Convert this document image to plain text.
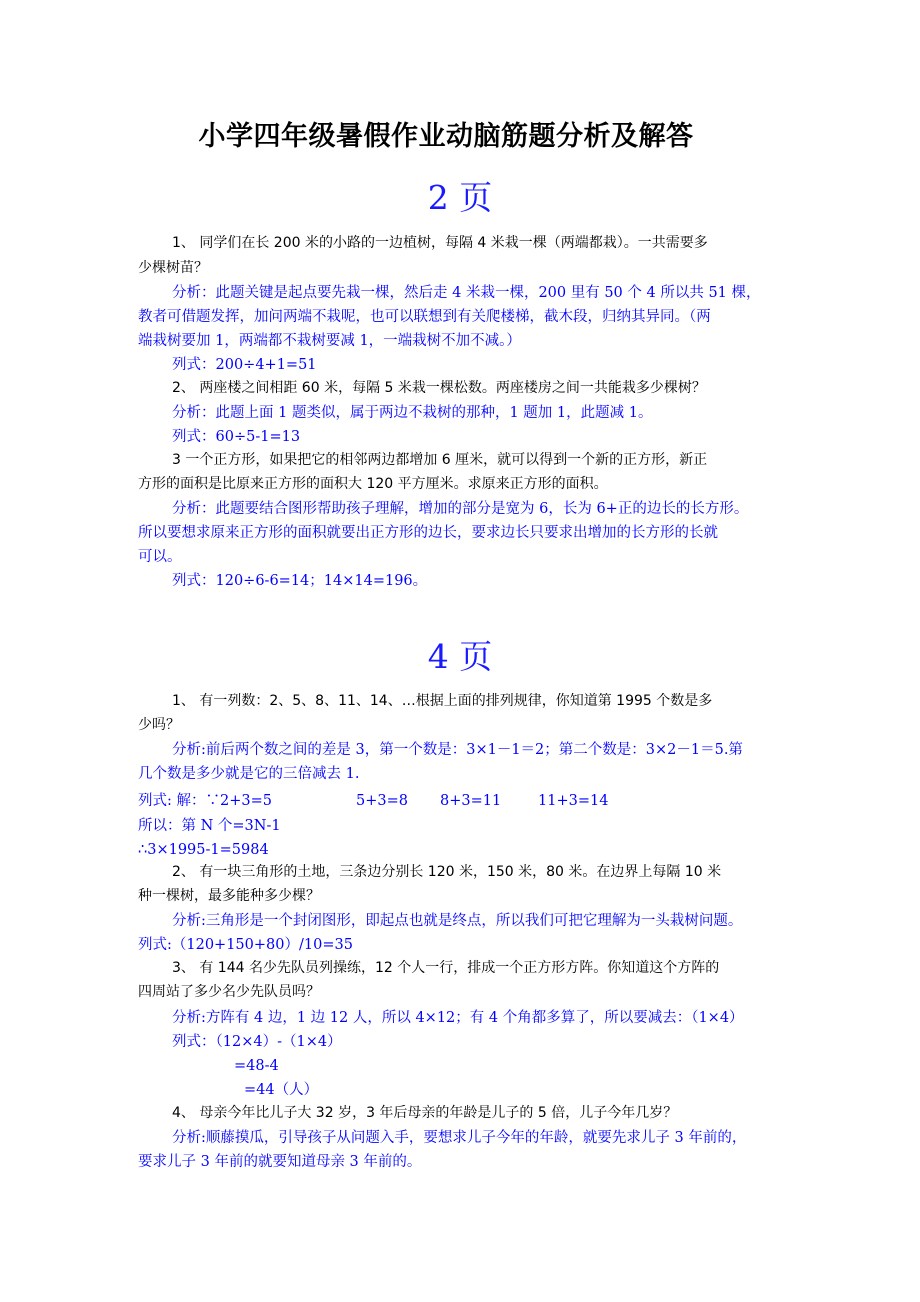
小学四年级暑假作业动脑筋题分析及解答
2 页
1、 同学们在长 200 米的小路的一边植树，每隔 4 米栽一棵（两端都栽）。一共需要多
少棵树苗？
分析：此题关键是起点要先栽一棵，然后走 4 米栽一棵，200 里有 50 个 4 所以共 51 棵，
教者可借题发挥，加问两端不栽呢，也可以联想到有关爬楼梯，截木段，归纳其异同。（两
端栽树要加 1，两端都不栽树要减 1，一端栽树不加不减。）
列式：200÷4+1=51
2、 两座楼之间相距 60 米，每隔 5 米栽一棵松数。两座楼房之间一共能栽多少棵树？
分析：此题上面 1 题类似，属于两边不栽树的那种，1 题加 1，此题减 1。
列式：60÷5-1=13
3 一个正方形，如果把它的相邻两边都增加 6 厘米，就可以得到一个新的正方形，新正
方形的面积是比原来正方形的面积大 120 平方厘米。求原来正方形的面积。
分析：此题要结合图形帮助孩子理解，增加的部分是宽为 6，长为 6+正的边长的长方形。
所以要想求原来正方形的面积就要出正方形的边长，要求边长只要求出增加的长方形的长就
可以。
列式：120÷6-6=14；14×14=196。
4 页
1、 有一列数：2、5、8、11、14、…根据上面的排列规律，你知道第 1995 个数是多
少吗？
分析:前后两个数之间的差是 3，第一个数是：3×1－1＝2；第二个数是：3×2－1＝5.第
几个数是多少就是它的三倍减去 1.
列式: 解：∵2+3=5	5+3=8 8+3=11	11+3=14
所以：第 N 个=3N-1
∴3×1995-1=5984
2、 有一块三角形的土地，三条边分别长 120 米，150 米，80 米。在边界上每隔 10 米
种一棵树，最多能种多少棵？
分析:三角形是一个封闭图形，即起点也就是终点，所以我们可把它理解为一头栽树问题。
列式:（120+150+80）/10=35
3、 有 144 名少先队员列操练，12 个人一行，排成一个正方形方阵。你知道这个方阵的
四周站了多少名少先队员吗？
分析:方阵有 4 边，1 边 12 人，所以 4×12；有 4 个角都多算了，所以要减去：（1×4）
列式：（12×4）-（1×4）
=48-4
=44（人）
4、 母亲今年比儿子大 32 岁，3 年后母亲的年龄是儿子的 5 倍，儿子今年几岁？
分析:顺藤摸瓜，引导孩子从问题入手，要想求儿子今年的年龄，就要先求儿子 3 年前的，
要求儿子 3 年前的就要知道母亲 3 年前的。
